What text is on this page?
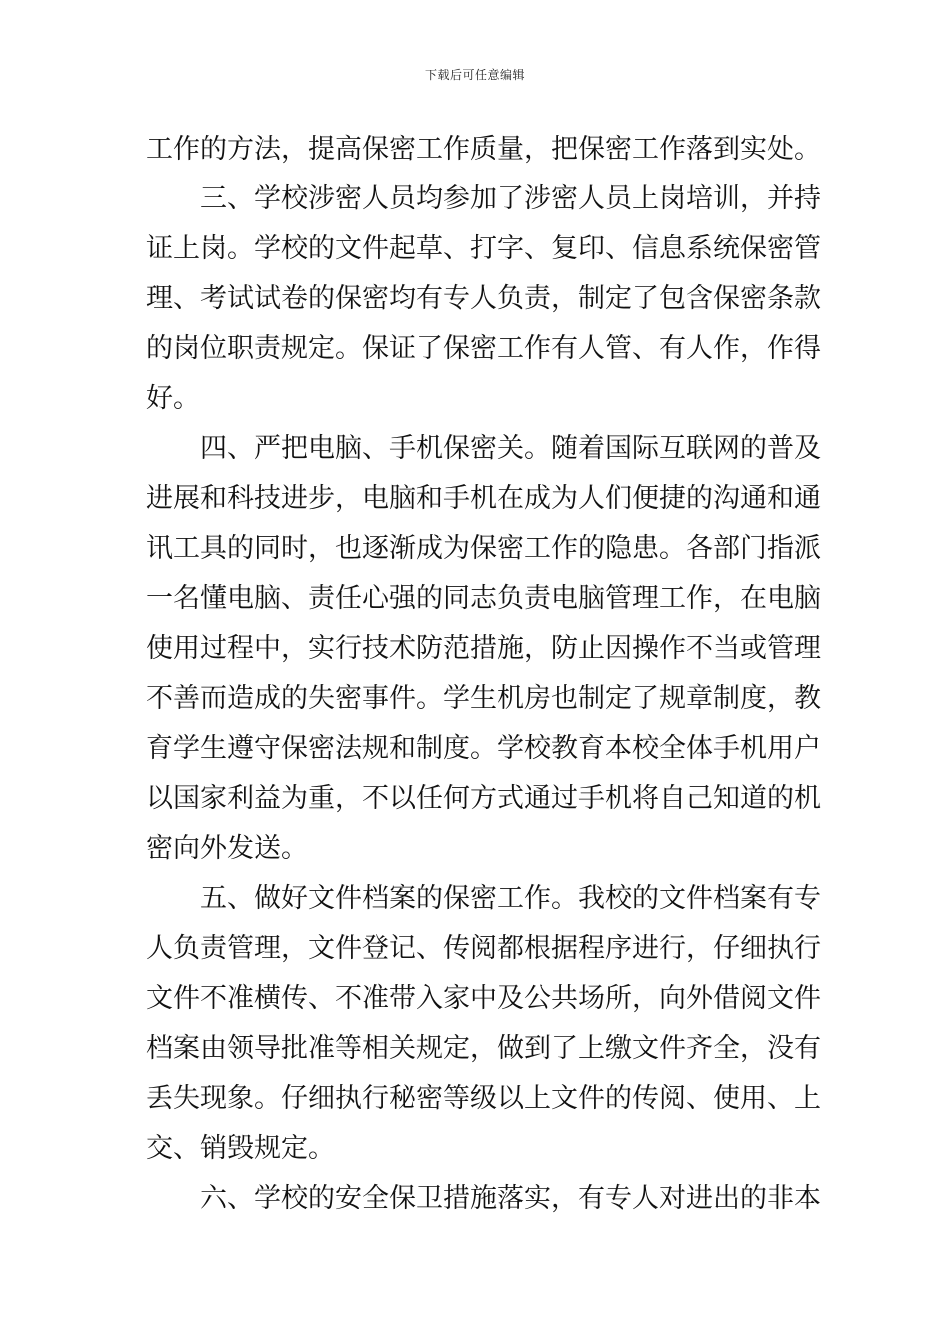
下载后可任意编辑
工作的方法，提高保密工作质量，把保密工作落到实处。
三、学校涉密人员均参加了涉密人员上岗培训，并持
证上岗。学校的文件起草、打字、复印、信息系统保密管
理、考试试卷的保密均有专人负责，制定了包含保密条款
的岗位职责规定。保证了保密工作有人管、有人作，作得
好。
四、严把电脑、手机保密关。随着国际互联网的普及
进展和科技进步，电脑和手机在成为人们便捷的沟通和通
讯工具的同时，也逐渐成为保密工作的隐患。各部门指派
一名懂电脑、责任心强的同志负责电脑管理工作，在电脑
使用过程中，实行技术防范措施，防止因操作不当或管理
不善而造成的失密事件。学生机房也制定了规章制度，教
育学生遵守保密法规和制度。学校教育本校全体手机用户
以国家利益为重，不以任何方式通过手机将自己知道的机
密向外发送。
五、做好文件档案的保密工作。我校的文件档案有专
人负责管理，文件登记、传阅都根据程序进行，仔细执行
文件不准横传、不准带入家中及公共场所，向外借阅文件
档案由领导批准等相关规定，做到了上缴文件齐全，没有
丢失现象。仔细执行秘密等级以上文件的传阅、使用、上
交、销毁规定。
六、学校的安全保卫措施落实，有专人对进出的非本
